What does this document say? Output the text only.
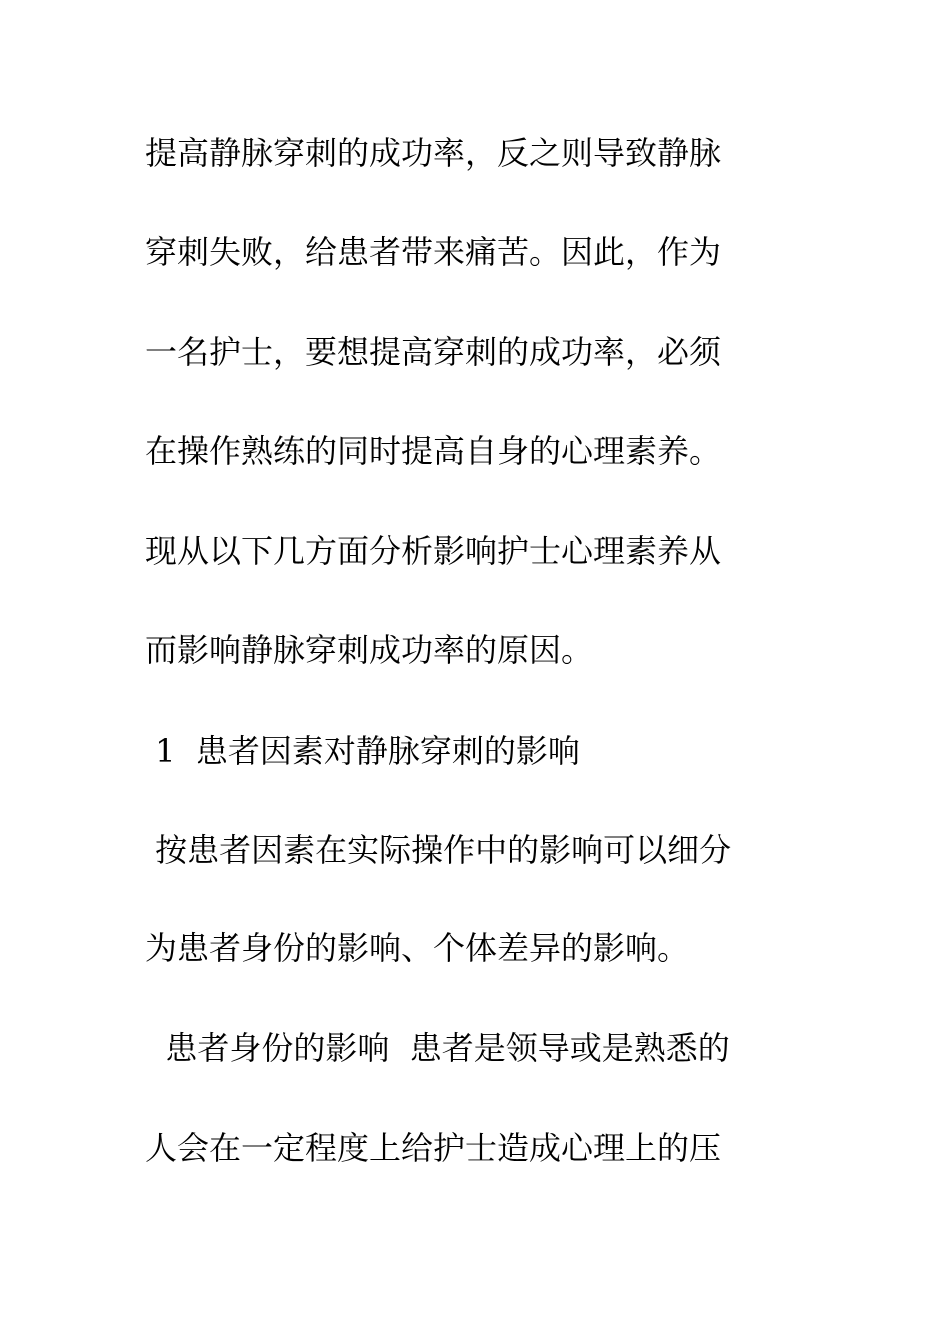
提高静脉穿刺的成功率，反之则导致静脉
穿刺失败，给患者带来痛苦。因此，作为
一名护士，要想提高穿刺的成功率，必须
在操作熟练的同时提高自身的心理素养。
现从以下几方面分析影响护士心理素养从
而影响静脉穿刺成功率的原因。
1  患者因素对静脉穿刺的影响
按患者因素在实际操作中的影响可以细分
为患者身份的影响、个体差异的影响。
患者身份的影响  患者是领导或是熟悉的
人会在一定程度上给护士造成心理上的压
